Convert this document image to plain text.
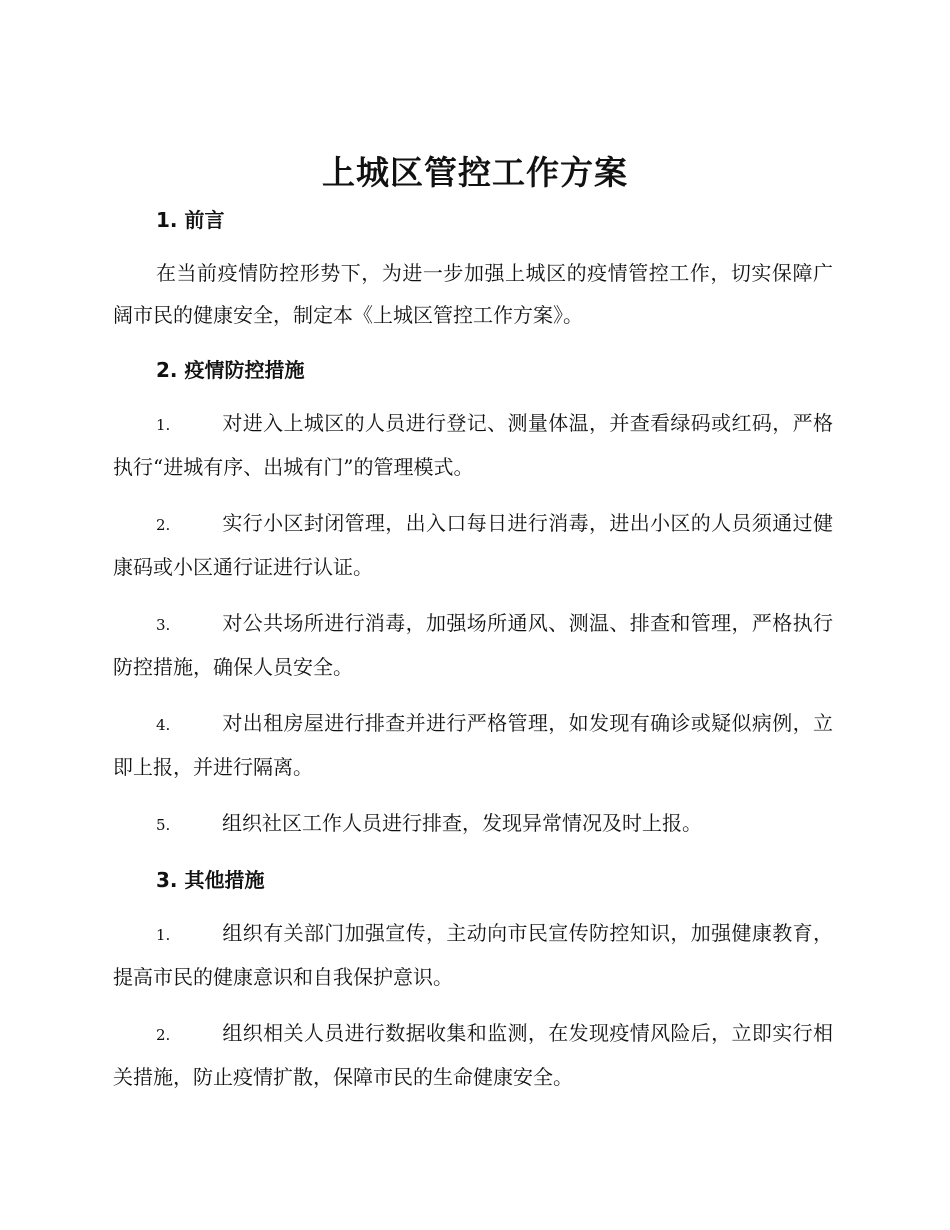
上城区管控工作方案

1. 前言

在当前疫情防控形势下，为进一步加强上城区的疫情管控工作，切实保障广阔市民的健康安全，制定本《上城区管控工作方案》。

2. 疫情防控措施

1.	对进入上城区的人员进行登记、测量体温，并查看绿码或红码，严格执行“进城有序、出城有门”的管理模式。

2.	实行小区封闭管理，出入口每日进行消毒，进出小区的人员须通过健康码或小区通行证进行认证。

3.	对公共场所进行消毒，加强场所通风、测温、排查和管理，严格执行防控措施，确保人员安全。

4.	对出租房屋进行排查并进行严格管理，如发现有确诊或疑似病例，立即上报，并进行隔离。

5.	组织社区工作人员进行排查，发现异常情况及时上报。

3. 其他措施

1.	组织有关部门加强宣传，主动向市民宣传防控知识，加强健康教育，提高市民的健康意识和自我保护意识。

2.	组织相关人员进行数据收集和监测，在发现疫情风险后，立即实行相关措施，防止疫情扩散，保障市民的生命健康安全。
